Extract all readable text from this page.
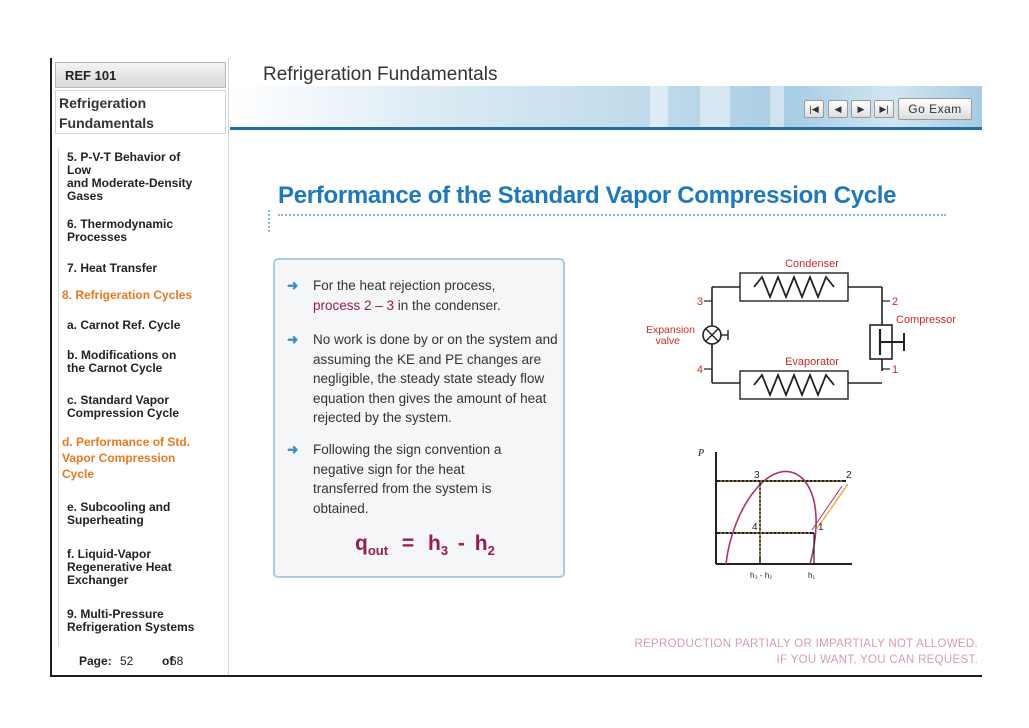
REF 101
Refrigeration Fundamentals
5. P-V-T Behavior of
Low
and Moderate-Density
Gases
6. Thermodynamic
Processes
7. Heat Transfer
8. Refrigeration Cycles
a. Carnot Ref. Cycle
b. Modifications on
the Carnot Cycle
c. Standard Vapor
Compression Cycle
d. Performance of Std.
Vapor Compression
Cycle
e. Subcooling and
Superheating
f. Liquid-Vapor
Regenerative Heat
Exchanger
9. Multi-Pressure
Refrigeration Systems
Page: 52 of
68
Refrigeration Fundamentals
|◀	◀	▶	▶|	Go Exam
Performance of the Standard Vapor Compression Cycle
➜ For the heat rejection process,
process 2 – 3 in the condenser.
➜ No work is done by or on the system and assuming the KE and PE changes are negligible, the steady state steady flow equation then gives the amount of heat rejected by the system.
➜ Following the sign convention a negative sign for the heat transferred from the system is obtained.
$q_{out} = h_3 - h_2$
Condenser
Evaporator
Compressor
Expansion
valve
3	2
4	1
P
3	2
4	1
h₃ - h₂	h₁
REPRODUCTION PARTIALY OR IMPARTIALY NOT ALLOWED.
IF YOU WANT, YOU CAN REQUEST.
